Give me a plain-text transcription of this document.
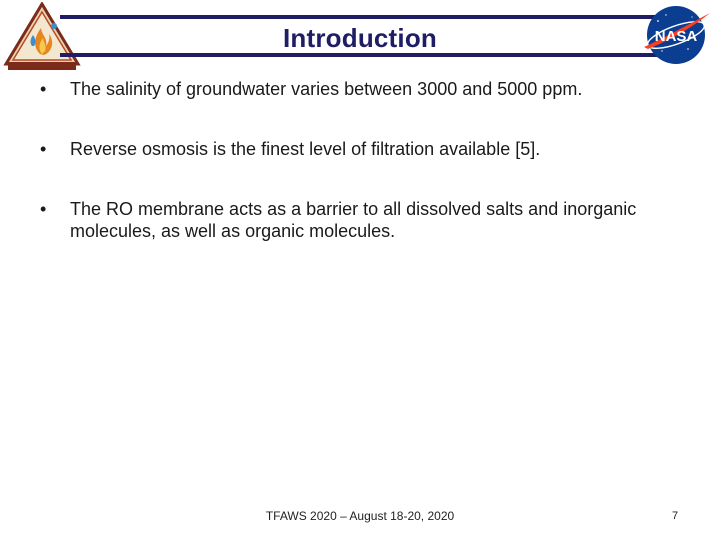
Introduction	NASA
• The salinity of groundwater varies between 3000 and 5000 ppm.
• Reverse osmosis is the finest level of filtration available [5].
• The RO membrane acts as a barrier to all dissolved salts and inorganic molecules, as well as organic molecules.
TFAWS 2020 – August 18-20, 2020	7
